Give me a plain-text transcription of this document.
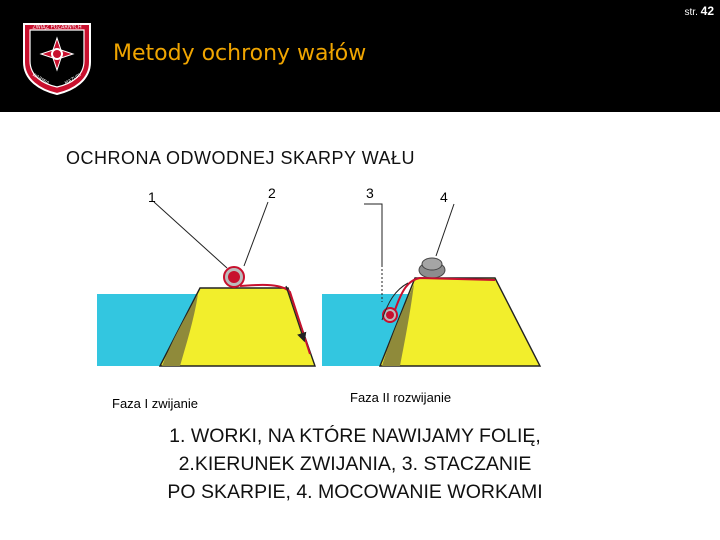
str. 42
ZWIĄZ POŻARNYCH
WARMIA	MAZURY
Metody ochrony wałów
OCHRONA ODWODNEJ SKARPY WAŁU
1	2
Faza I zwijanie
3	4
Faza II rozwijanie
1. WORKI, NA KTÓRE NAWIJAMY FOLIĘ,
2.KIERUNEK ZWIJANIA, 3. STACZANIE
PO SKARPIE, 4. MOCOWANIE WORKAMI
